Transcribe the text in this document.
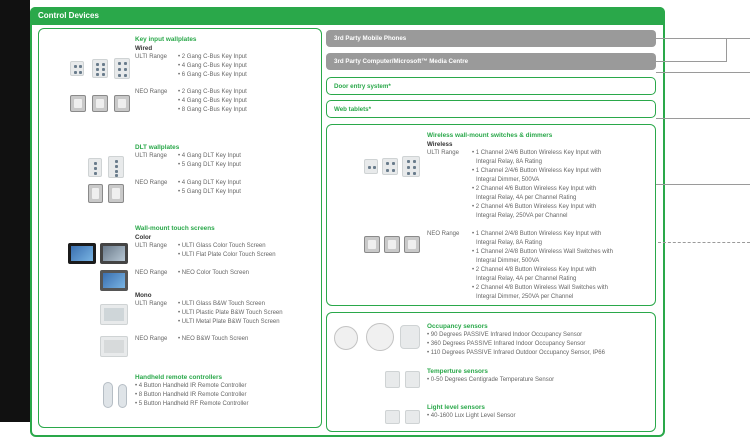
Control Devices
Key input wallplates
Wired
ULTI Range • 2 Gang C-Bus Key Input
• 4 Gang C-Bus Key Input
• 6 Gang C-Bus Key Input
NEO Range • 2 Gang C-Bus Key Input
• 4 Gang C-Bus Key Input
• 8 Gang C-Bus Key Input
DLT wallplates
ULTI Range • 4 Gang DLT Key Input
• 5 Gang DLT Key Input
NEO Range • 4 Gang DLT Key Input
• 5 Gang DLT Key Input
Wall-mount touch screens
Color
ULTI Range • ULTI Glass Color Touch Screen
• ULTI Flat Plate Color Touch Screen
NEO Range • NEO Color Touch Screen
Mono
ULTI Range • ULTI Glass B&W Touch Screen
• ULTI Plastic Plate B&W Touch Screen
• ULTI Metal Plate B&W Touch Screen
NEO Range • NEO B&W Touch Screen
Handheld remote controllers
• 4 Button Handheld IR Remote Controller
• 8 Button Handheld IR Remote Controller
• 5 Button Handheld RF Remote Controller
3rd Party Mobile Phones
3rd Party Computer/Microsoft™ Media Centre
Door entry system*
Web tablets*
Wireless wall-mount switches & dimmers
Wireless
ULTI Range • 1 Channel 2/4/6 Button Wireless Key Input with
Integral Relay, 8A Rating
• 1 Channel 2/4/6 Button Wireless Key Input with
Integral Dimmer, 500VA
• 2 Channel 4/6 Button Wireless Key Input with
Integral Relay, 4A per Channel Rating
• 2 Channel 4/6 Button Wireless Key Input with
Integral Relay, 250VA per Channel
NEO Range • 1 Channel 2/4/8 Button Wireless Key Input with
Integral Relay, 8A Rating
• 1 Channel 2/4/8 Button Wireless Wall Switches with
Integral Dimmer, 500VA
• 2 Channel 4/8 Button Wireless Key Input with
Integral Relay, 4A per Channel Rating
• 2 Channel 4/8 Button Wireless Wall Switches with
Integral Dimmer, 250VA per Channel
Occupancy sensors
• 90 Degrees PASSIVE Infrared Indoor Occupancy Sensor
• 360 Degrees PASSIVE Infrared Indoor Occupancy Sensor
• 110 Degrees PASSIVE Infrared Outdoor Occupancy Sensor, IP66
Temperture sensors
• 0-50 Degrees Centigrade Temperature Sensor
Light level sensors
• 40-1600 Lux Light Level Sensor
